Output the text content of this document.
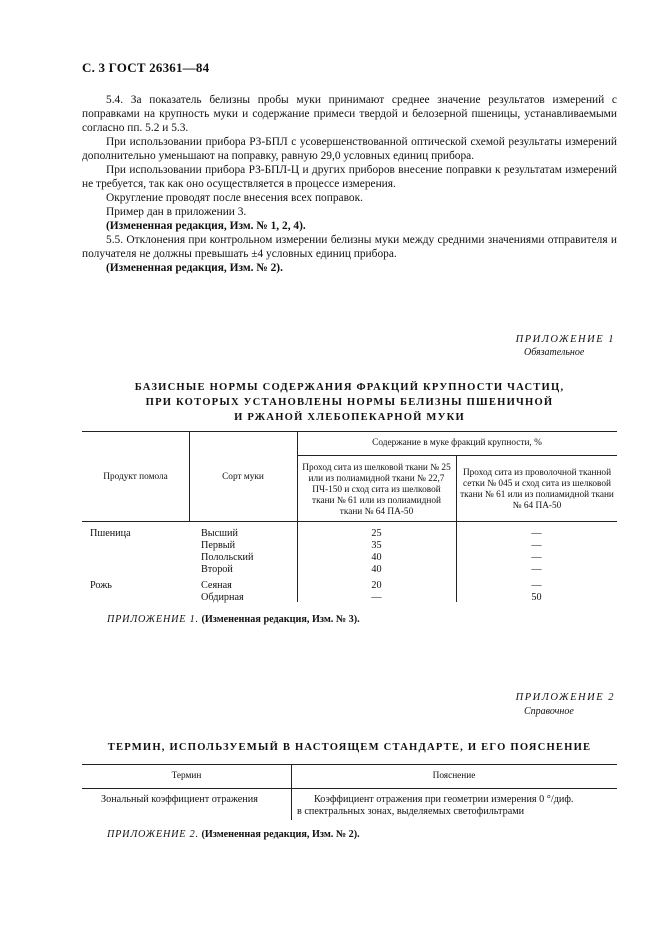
С. 3 ГОСТ 26361—84

5.4. За показатель белизны пробы муки принимают среднее значение результатов измерений с поправками на крупность муки и содержание примеси твердой и белозерной пшеницы, устанавливаемыми согласно пп. 5.2 и 5.3.

При использовании прибора РЗ-БПЛ с усовершенствованной оптической схемой результаты измерений дополнительно уменьшают на поправку, равную 29,0 условных единиц прибора.

При использовании прибора РЗ-БПЛ-Ц и других приборов внесение поправки к результатам измерений не требуется, так как оно осуществляется в процессе измерения.

Округление проводят после внесения всех поправок.

Пример дан в приложении 3.

(Измененная редакция, Изм. № 1, 2, 4).

5.5. Отклонения при контрольном измерении белизны муки между средними значениями отправителя и получателя не должны превышать ±4 условных единиц прибора.

(Измененная редакция, Изм. № 2).

ПРИЛОЖЕНИЕ 1
Обязательное
БАЗИСНЫЕ НОРМЫ СОДЕРЖАНИЯ ФРАКЦИЙ КРУПНОСТИ ЧАСТИЦ,
ПРИ КОТОРЫХ УСТАНОВЛЕНЫ НОРМЫ БЕЛИЗНЫ ПШЕНИЧНОЙ
И РЖАНОЙ ХЛЕБОПЕКАРНОЙ МУКИ
Продукт помола	Сорт муки
Содержание в муке фракций крупности, %
Проход сита из шелковой ткани № 25 или из полиамидной ткани № 22,7 ПЧ-150 и сход сита из шелковой ткани № 61 или из полиамидной ткани № 64 ПА-50
Проход сита из проволочной тканной сетки № 045 и сход сита из шелковой ткани № 61 или из полиамидной ткани № 64 ПА-50
Пшеница	Высший	25	—
Первый	35	—
Полольский	40	—
Второй	40	—
Рожь	Сеяная	20	—
Обдирная	—	50
ПРИЛОЖЕНИЕ 1. (Измененная редакция, Изм. № 3).
ПРИЛОЖЕНИЕ 2
Справочное
ТЕРМИН, ИСПОЛЬЗУЕМЫЙ В НАСТОЯЩЕМ СТАНДАРТЕ, И ЕГО ПОЯСНЕНИЕ
Термин	Пояснение
Зональный коэффициент отражения	Коэффициент отражения при геометрии измерения 0 °/диф.
в спектральных зонах, выделяемых светофильтрами
ПРИЛОЖЕНИЕ 2. (Измененная редакция, Изм. № 2).
